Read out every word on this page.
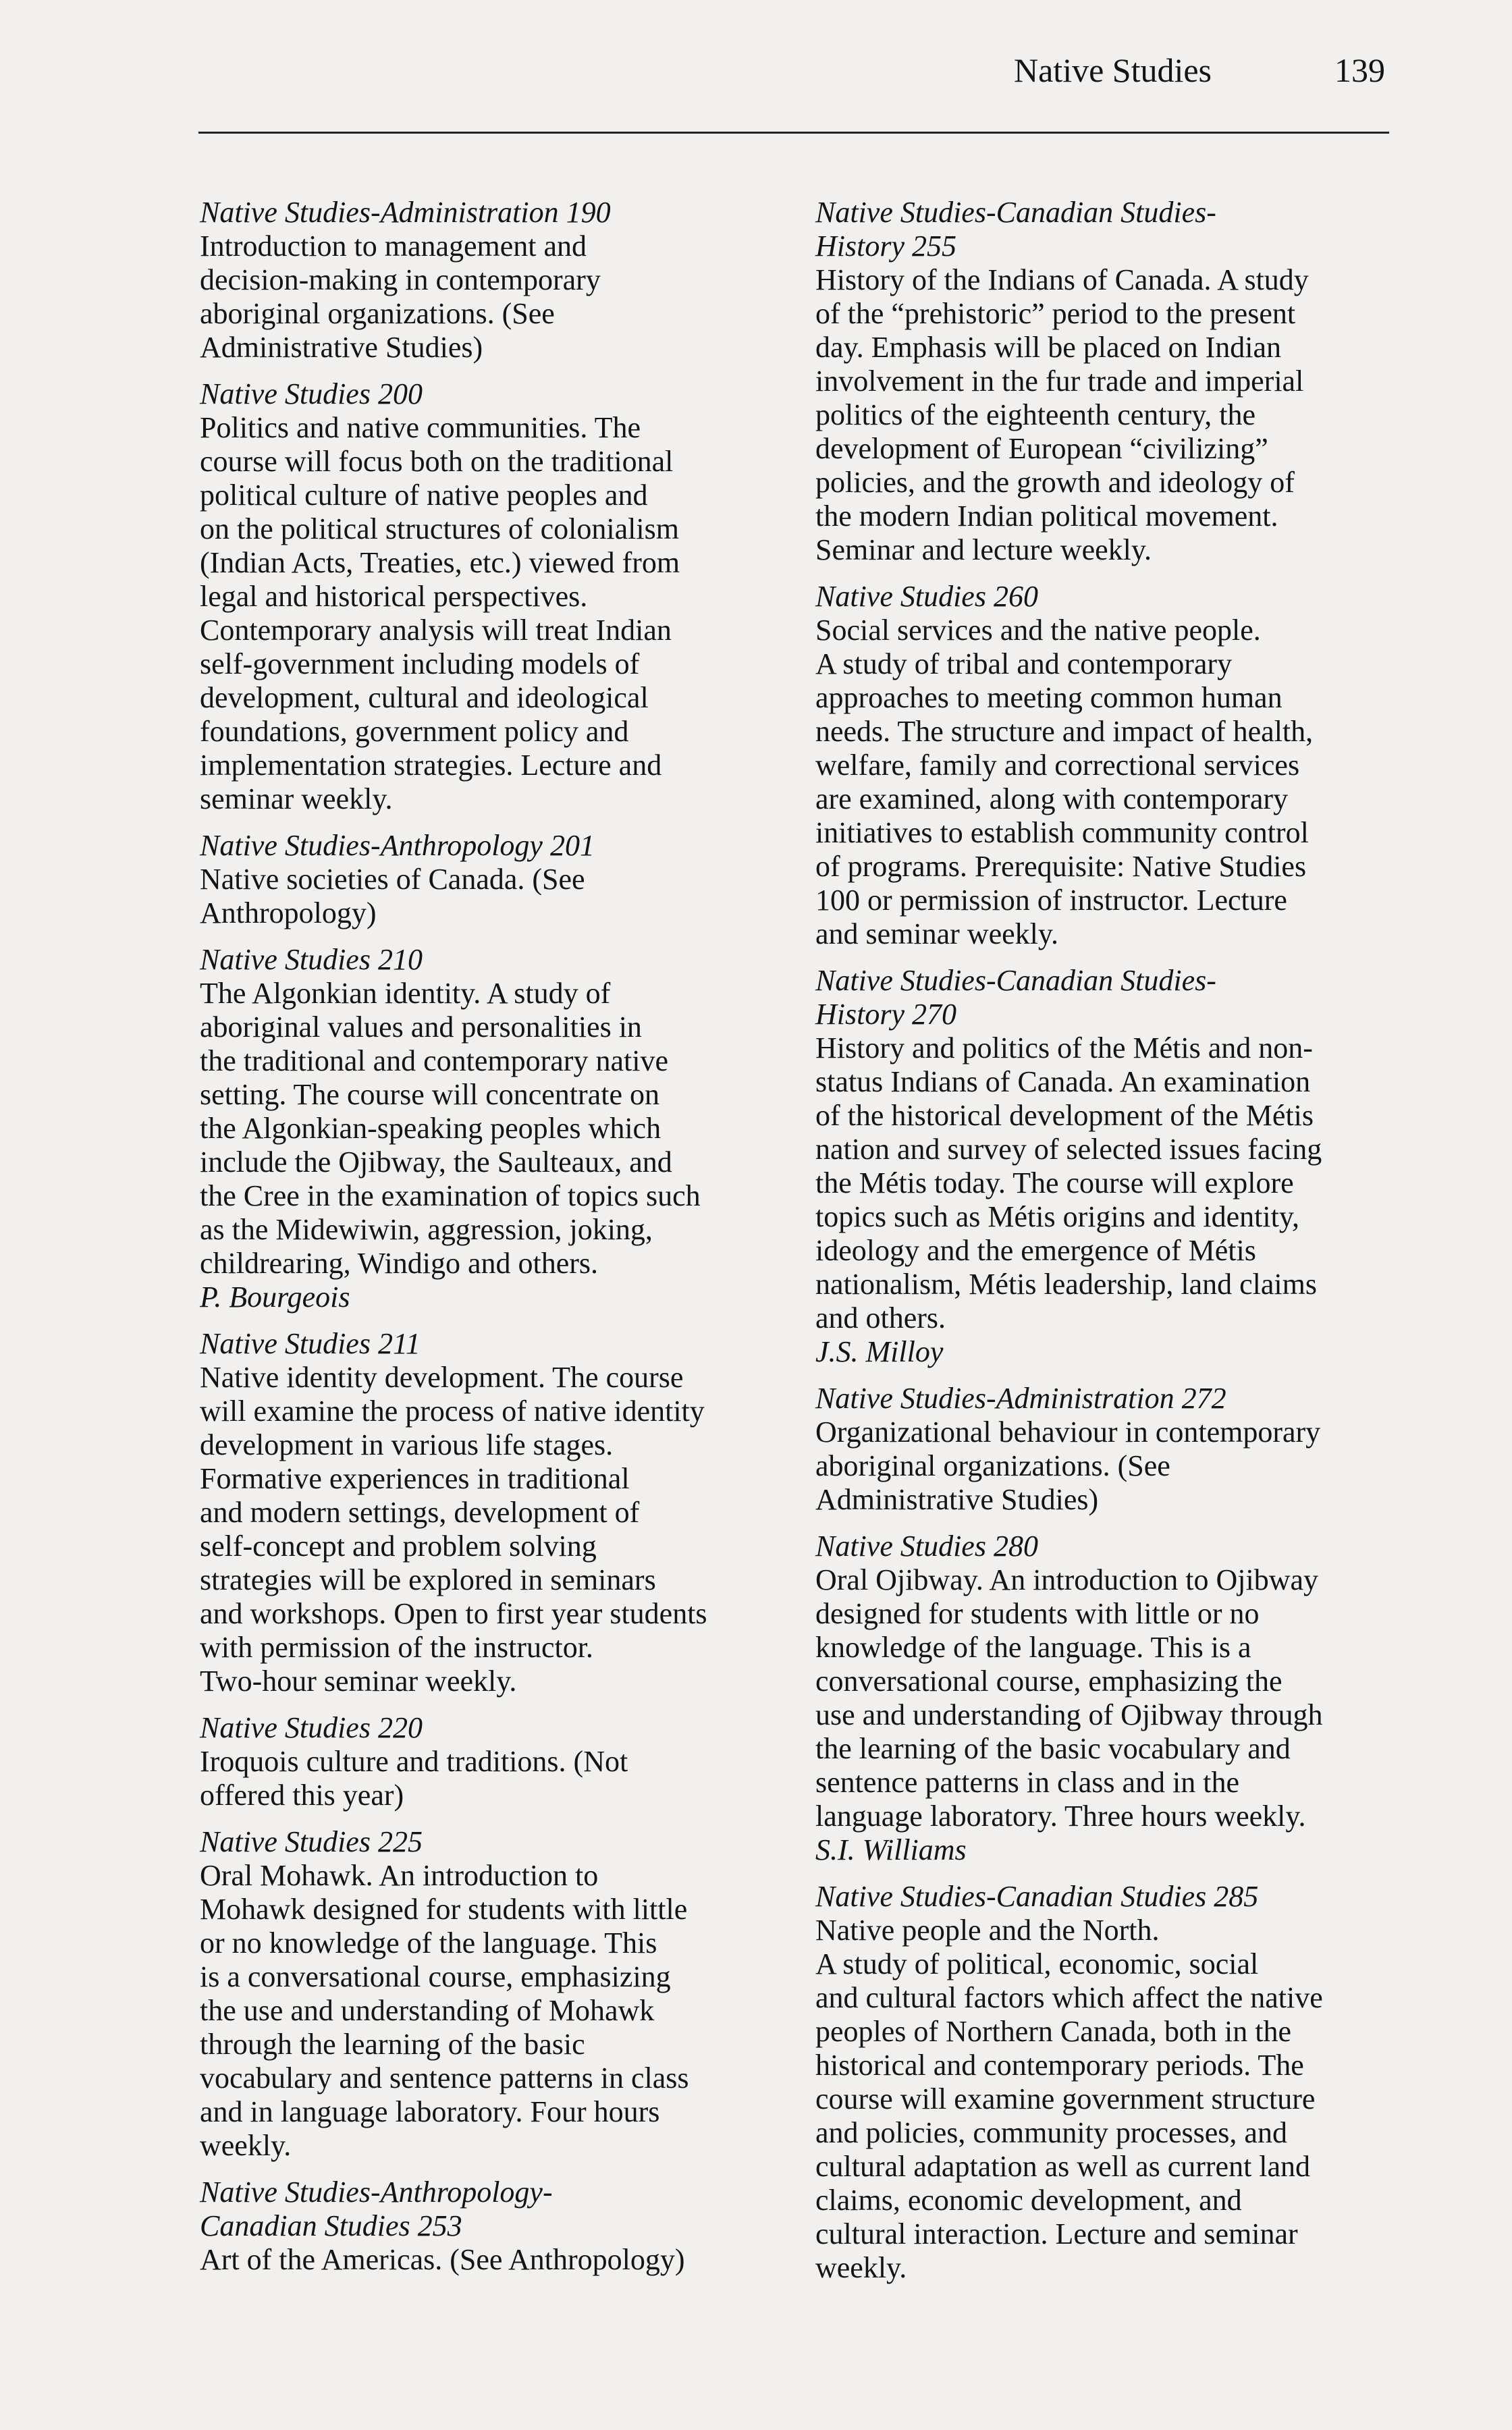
Native Studies	139
Native Studies-Administration 190
Introduction to management and
decision-making in contemporary
aboriginal organizations. (See
Administrative Studies)
Native Studies 200
Politics and native communities. The
course will focus both on the traditional
political culture of native peoples and
on the political structures of colonialism
(Indian Acts, Treaties, etc.) viewed from
legal and historical perspectives.
Contemporary analysis will treat Indian
self-government including models of
development, cultural and ideological
foundations, government policy and
implementation strategies. Lecture and
seminar weekly.
Native Studies-Anthropology 201
Native societies of Canada. (See
Anthropology)
Native Studies 210
The Algonkian identity. A study of
aboriginal values and personalities in
the traditional and contemporary native
setting. The course will concentrate on
the Algonkian-speaking peoples which
include the Ojibway, the Saulteaux, and
the Cree in the examination of topics such
as the Midewiwin, aggression, joking,
childrearing, Windigo and others.
P. Bourgeois
Native Studies 211
Native identity development. The course
will examine the process of native identity
development in various life stages.
Formative experiences in traditional
and modern settings, development of
self-concept and problem solving
strategies will be explored in seminars
and workshops. Open to first year students
with permission of the instructor.
Two-hour seminar weekly.
Native Studies 220
Iroquois culture and traditions. (Not
offered this year)
Native Studies 225
Oral Mohawk. An introduction to
Mohawk designed for students with little
or no knowledge of the language. This
is a conversational course, emphasizing
the use and understanding of Mohawk
through the learning of the basic
vocabulary and sentence patterns in class
and in language laboratory. Four hours
weekly.
Native Studies-Anthropology-
Canadian Studies 253
Art of the Americas. (See Anthropology)
Native Studies-Canadian Studies-
History 255
History of the Indians of Canada. A study
of the “prehistoric” period to the present
day. Emphasis will be placed on Indian
involvement in the fur trade and imperial
politics of the eighteenth century, the
development of European “civilizing”
policies, and the growth and ideology of
the modern Indian political movement.
Seminar and lecture weekly.
Native Studies 260
Social services and the native people.
A study of tribal and contemporary
approaches to meeting common human
needs. The structure and impact of health,
welfare, family and correctional services
are examined, along with contemporary
initiatives to establish community control
of programs. Prerequisite: Native Studies
100 or permission of instructor. Lecture
and seminar weekly.
Native Studies-Canadian Studies-
History 270
History and politics of the Métis and non-
status Indians of Canada. An examination
of the historical development of the Métis
nation and survey of selected issues facing
the Métis today. The course will explore
topics such as Métis origins and identity,
ideology and the emergence of Métis
nationalism, Métis leadership, land claims
and others.
J.S. Milloy
Native Studies-Administration 272
Organizational behaviour in contemporary
aboriginal organizations. (See
Administrative Studies)
Native Studies 280
Oral Ojibway. An introduction to Ojibway
designed for students with little or no
knowledge of the language. This is a
conversational course, emphasizing the
use and understanding of Ojibway through
the learning of the basic vocabulary and
sentence patterns in class and in the
language laboratory. Three hours weekly.
S.I. Williams
Native Studies-Canadian Studies 285
Native people and the North.
A study of political, economic, social
and cultural factors which affect the native
peoples of Northern Canada, both in the
historical and contemporary periods. The
course will examine government structure
and policies, community processes, and
cultural adaptation as well as current land
claims, economic development, and
cultural interaction. Lecture and seminar
weekly.
